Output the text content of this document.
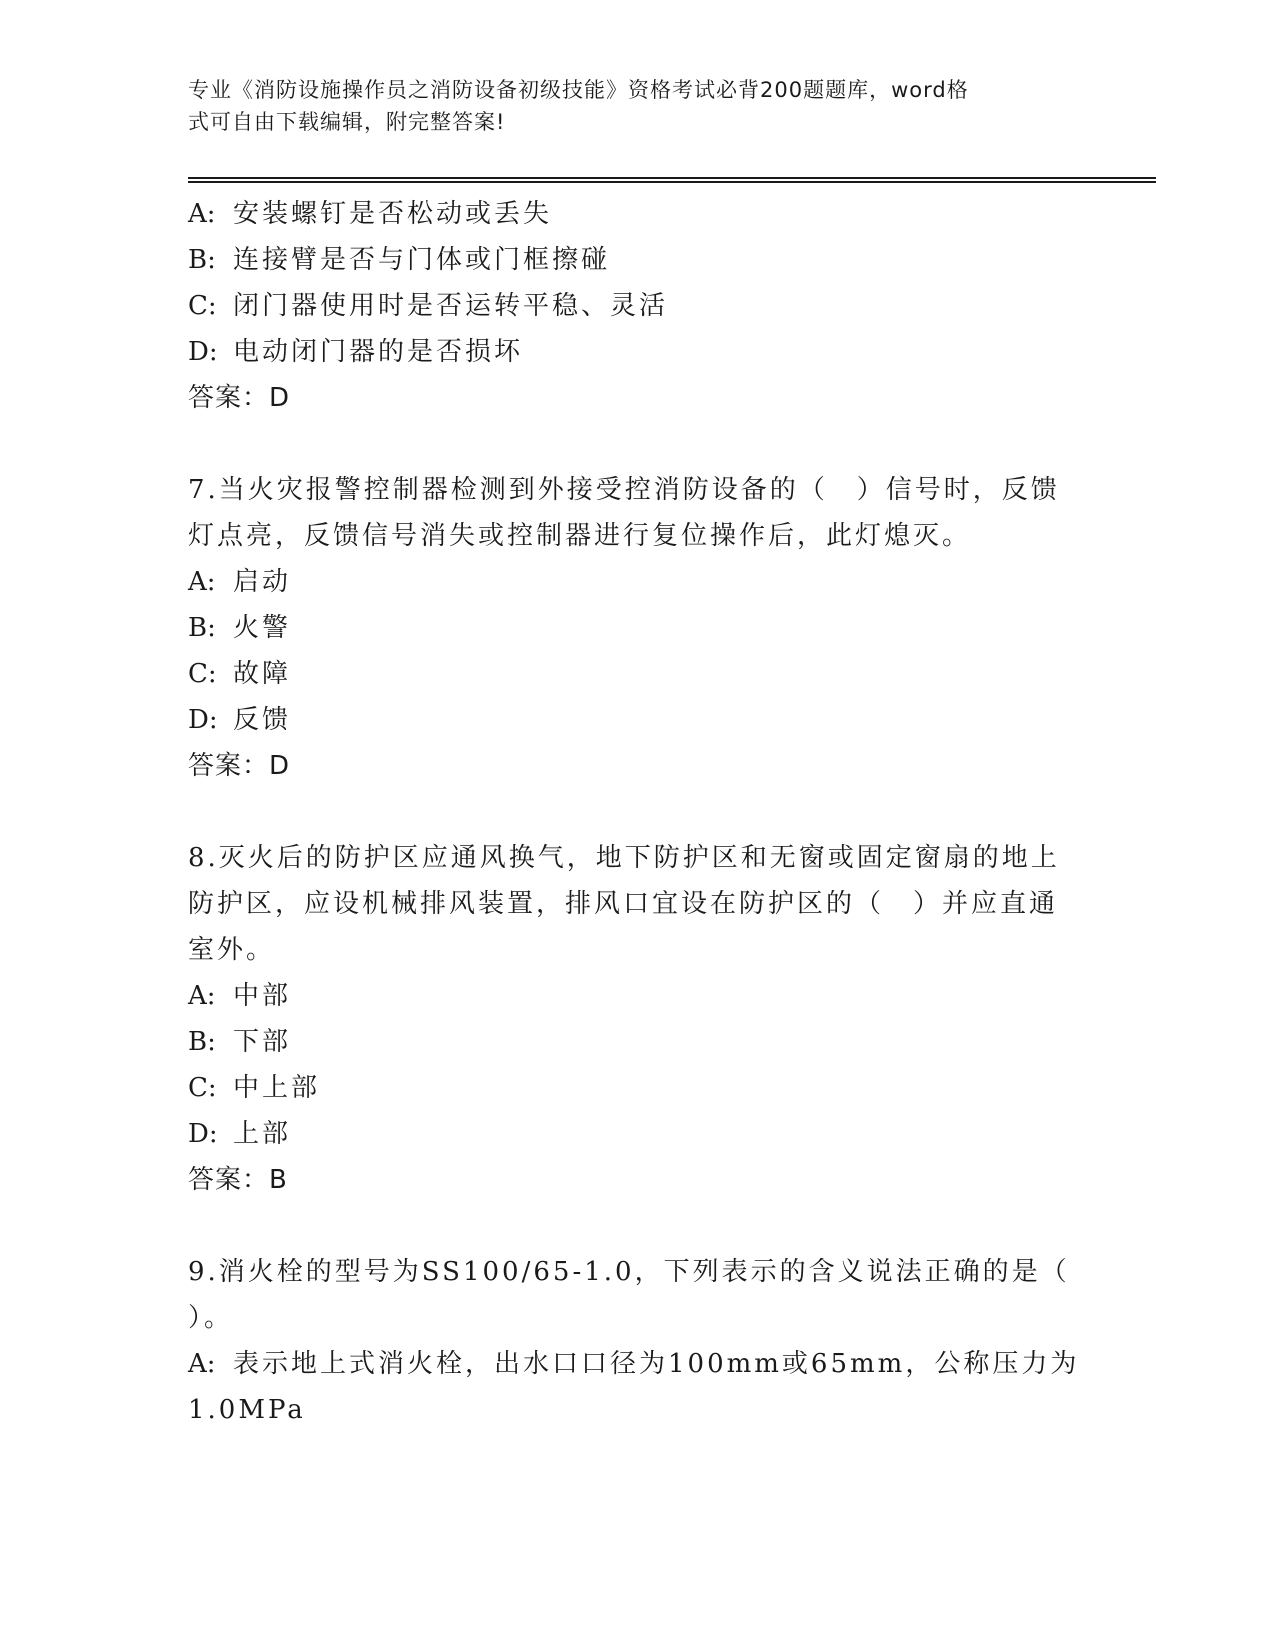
专业《消防设施操作员之消防设备初级技能》资格考试必背200题题库，word格
式可自由下载编辑，附完整答案!
A: 安装螺钉是否松动或丢失
B: 连接臂是否与门体或门框擦碰
C: 闭门器使用时是否运转平稳、灵活
D: 电动闭门器的是否损坏
答案：D
7.当火灾报警控制器检测到外接受控消防设备的（　）信号时，反馈
灯点亮，反馈信号消失或控制器进行复位操作后，此灯熄灭。
A: 启动
B: 火警
C: 故障
D: 反馈
答案：D
8.灭火后的防护区应通风换气，地下防护区和无窗或固定窗扇的地上
防护区，应设机械排风装置，排风口宜设在防护区的（　）并应直通
室外。
A: 中部
B: 下部
C: 中上部
D: 上部
答案：B
9.消火栓的型号为SS100/65-1.0，下列表示的含义说法正确的是（
）。
A: 表示地上式消火栓，出水口口径为100mm或65mm，公称压力为
1.0MPa
